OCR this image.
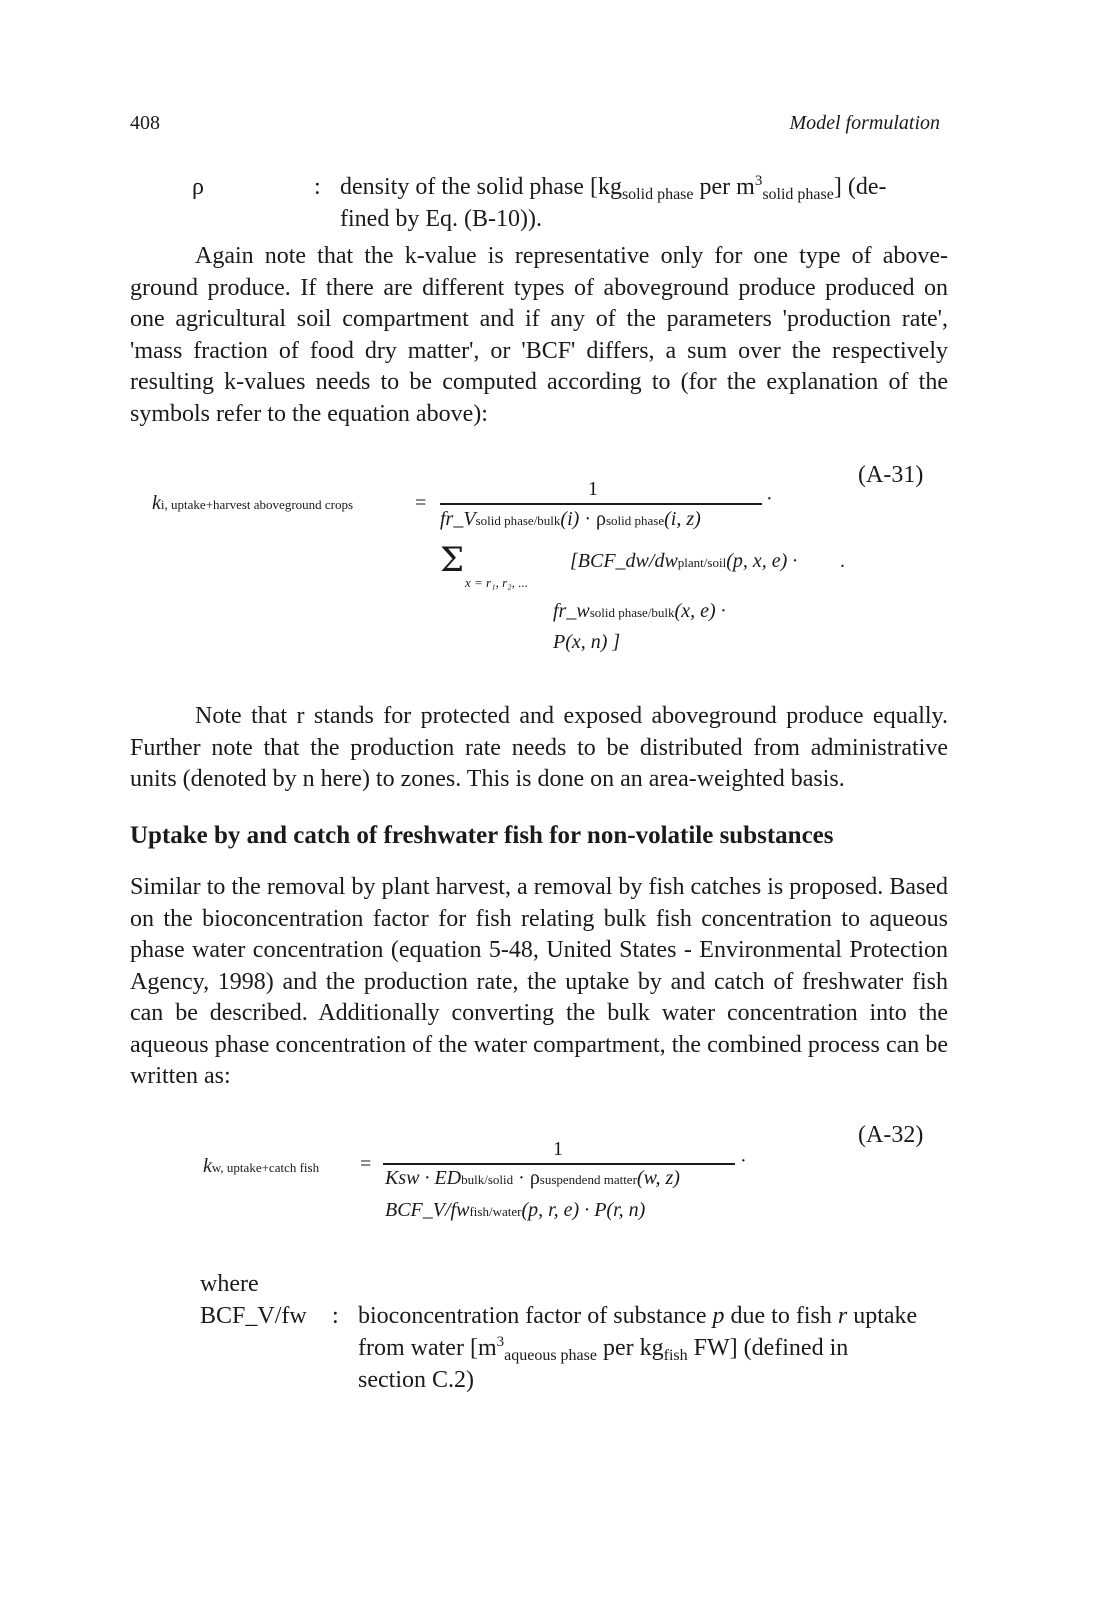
408	Model formulation
ρ	: density of the solid phase [$kg_{solid phase}$ per $m^3_{solid phase}$] (de-
fined by Eq. (B-10)).
Again note that the k-value is representative only for one type of above-ground produce. If there are different types of aboveground produce produced on one agricultural soil compartment and if any of the parameters 'production rate', 'mass fraction of food dry matter', or 'BCF' differs, a sum over the respectively resulting k-values needs to be computed according to (for the explanation of the symbols refer to the equation above):
(A-31)
ki, uptake+harvest aboveground crops	=
1	·
fr_Vsolid phase/bulk(i) · ρsolid phase(i, z)
Σ
x = r₁, r₂, ...
[BCF_dw/dwplant/soil(p, x, e) · .
fr_wsolid phase/bulk(x, e) ·
P(x, n) ]
Note that r stands for protected and exposed aboveground produce equally. Further note that the production rate needs to be distributed from administrative units (denoted by n here) to zones. This is done on an area-weighted basis.
Uptake by and catch of freshwater fish for non-volatile substances
Similar to the removal by plant harvest, a removal by fish catches is proposed. Based on the bioconcentration factor for fish relating bulk fish concentration to aqueous phase water concentration (equation 5-48, United States - Environmental Protection Agency, 1998) and the production rate, the uptake by and catch of freshwater fish can be described. Additionally converting the bulk water concentration into the aqueous phase concentration of the water compartment, the combined process can be written as:
(A-32)
kw, uptake+catch fish =
1
·
Ksw · EDbulk/solid · ρsuspendend matter(w, z)
BCF_V/fwfish/water(p, r, e) · P(r, n)
where
BCF_V/fw : bioconcentration factor of substance p due to fish r uptake
from water [$m^3_{aqueous phase}$ per $kg_{fish}$ FW] (defined in
section C.2)
